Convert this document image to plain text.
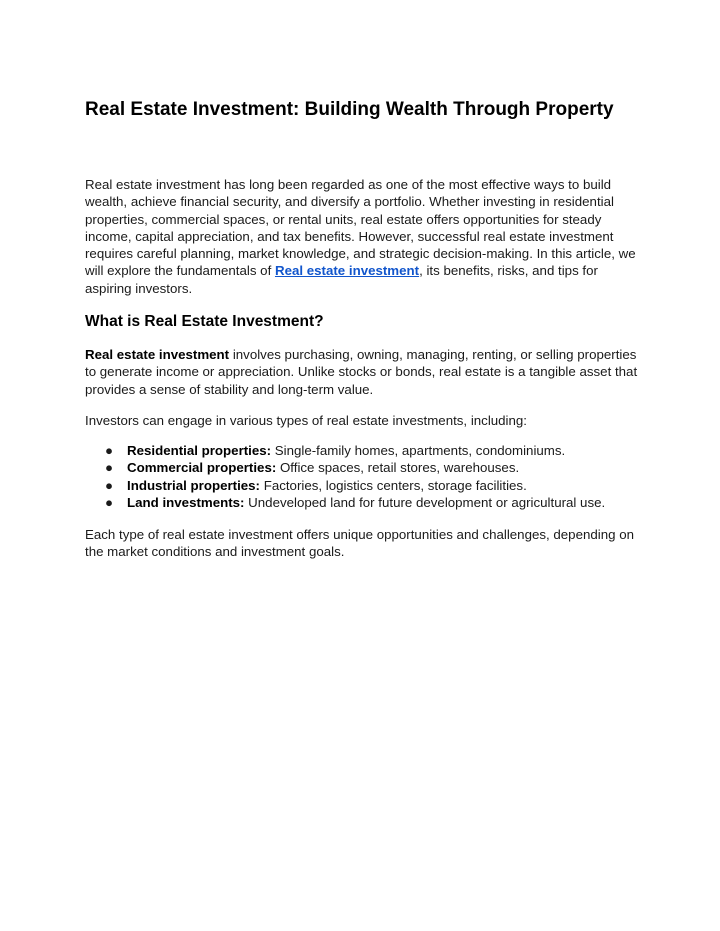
Real Estate Investment: Building Wealth Through Property

Real estate investment has long been regarded as one of the most effective ways to build wealth, achieve financial security, and diversify a portfolio. Whether investing in residential properties, commercial spaces, or rental units, real estate offers opportunities for steady income, capital appreciation, and tax benefits. However, successful real estate investment requires careful planning, market knowledge, and strategic decision-making. In this article, we will explore the fundamentals of Real estate investment, its benefits, risks, and tips for aspiring investors.

What is Real Estate Investment?

Real estate investment involves purchasing, owning, managing, renting, or selling properties to generate income or appreciation. Unlike stocks or bonds, real estate is a tangible asset that provides a sense of stability and long-term value.

Investors can engage in various types of real estate investments, including:

● Residential properties: Single-family homes, apartments, condominiums.
● Commercial properties: Office spaces, retail stores, warehouses.
● Industrial properties: Factories, logistics centers, storage facilities.
● Land investments: Undeveloped land for future development or agricultural use.

Each type of real estate investment offers unique opportunities and challenges, depending on the market conditions and investment goals.
